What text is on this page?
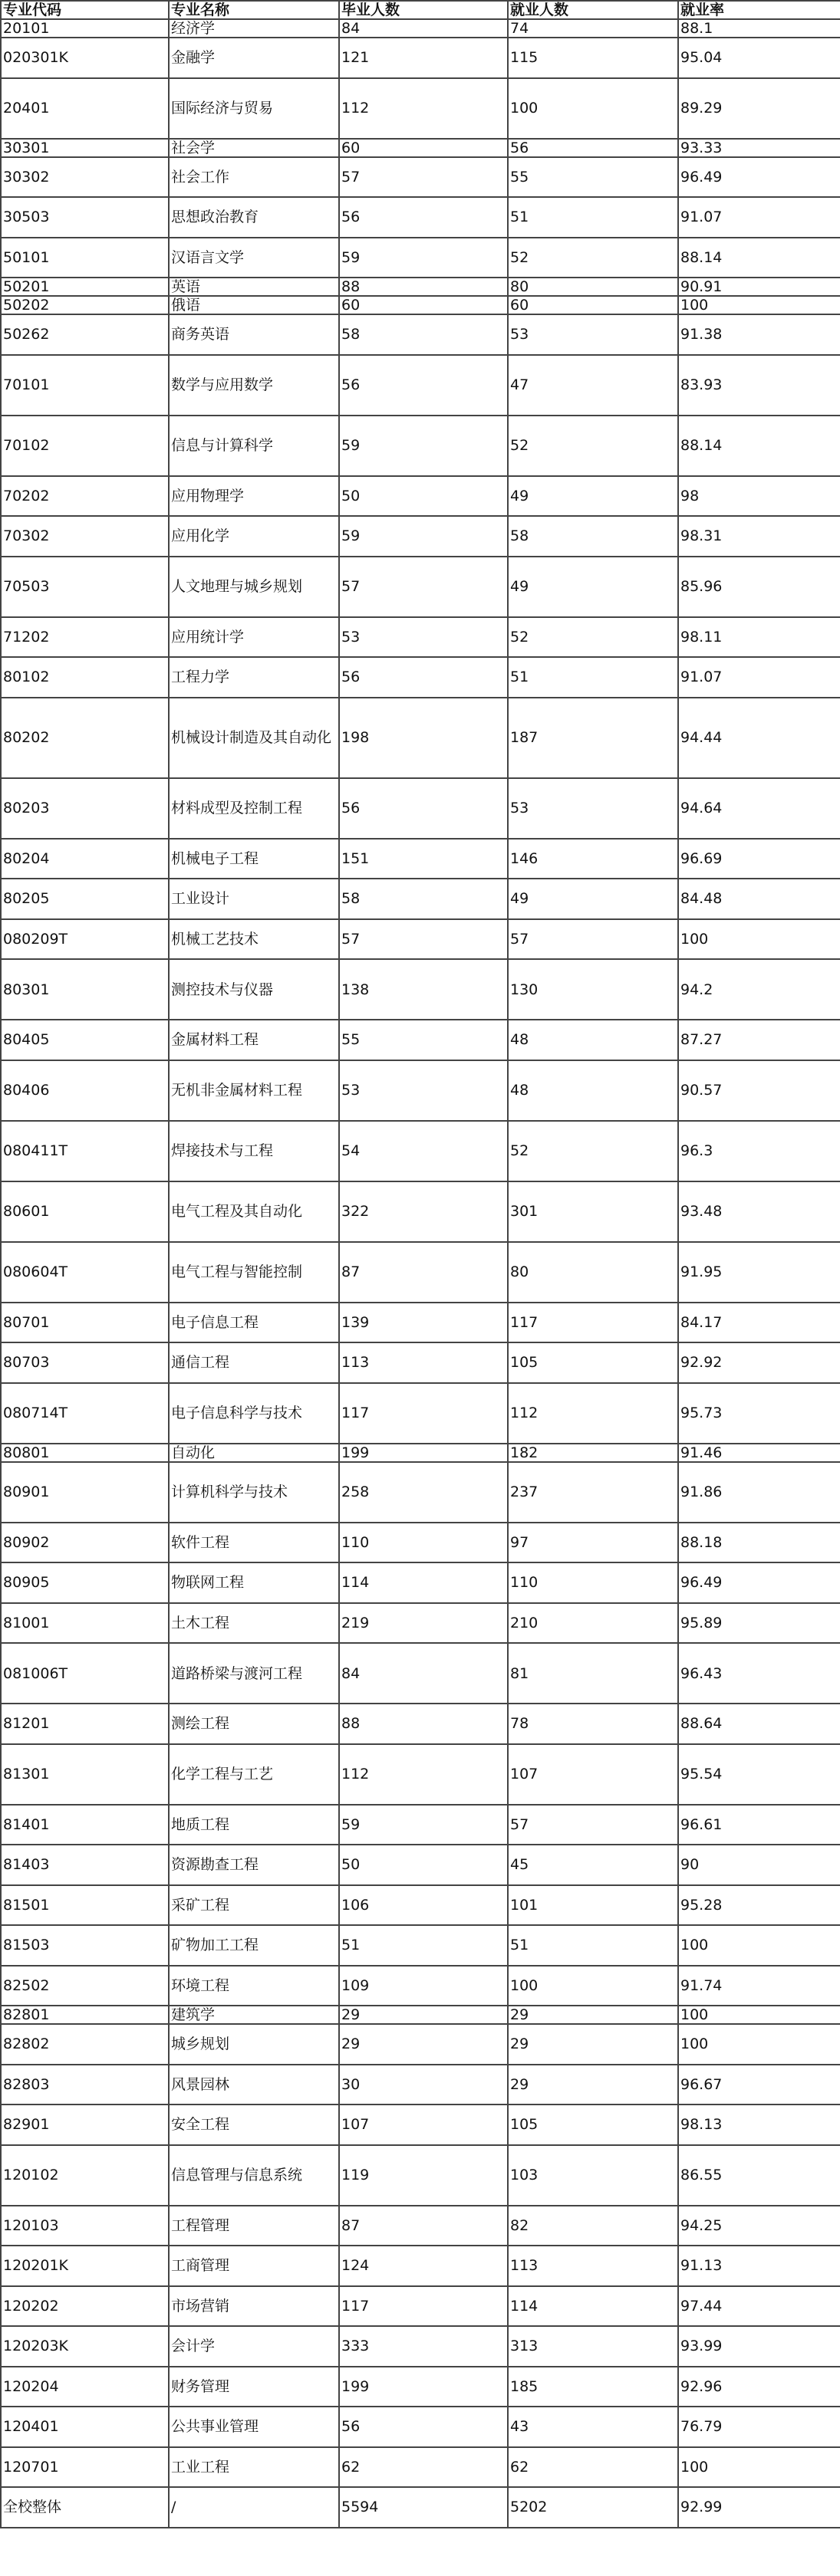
专业代码	专业名称	毕业人数	就业人数	就业率
20101	经济学	84	74	88.1
020301K	金融学	121	115	95.04
20401	国际经济与贸易	112	100	89.29
30301	社会学	60	56	93.33
30302	社会工作	57	55	96.49
30503	思想政治教育	56	51	91.07
50101	汉语言文学	59	52	88.14
50201	英语	88	80	90.91
50202	俄语	60	60	100
50262	商务英语	58	53	91.38
70101	数学与应用数学	56	47	83.93
70102	信息与计算科学	59	52	88.14
70202	应用物理学	50	49	98
70302	应用化学	59	58	98.31
70503	人文地理与城乡规划	57	49	85.96
71202	应用统计学	53	52	98.11
80102	工程力学	56	51	91.07
80202	机械设计制造及其自动化	198	187	94.44
80203	材料成型及控制工程	56	53	94.64
80204	机械电子工程	151	146	96.69
80205	工业设计	58	49	84.48
080209T	机械工艺技术	57	57	100
80301	测控技术与仪器	138	130	94.2
80405	金属材料工程	55	48	87.27
80406	无机非金属材料工程	53	48	90.57
080411T	焊接技术与工程	54	52	96.3
80601	电气工程及其自动化	322	301	93.48
080604T	电气工程与智能控制	87	80	91.95
80701	电子信息工程	139	117	84.17
80703	通信工程	113	105	92.92
080714T	电子信息科学与技术	117	112	95.73
80801	自动化	199	182	91.46
80901	计算机科学与技术	258	237	91.86
80902	软件工程	110	97	88.18
80905	物联网工程	114	110	96.49
81001	土木工程	219	210	95.89
081006T	道路桥梁与渡河工程	84	81	96.43
81201	测绘工程	88	78	88.64
81301	化学工程与工艺	112	107	95.54
81401	地质工程	59	57	96.61
81403	资源勘查工程	50	45	90
81501	采矿工程	106	101	95.28
81503	矿物加工工程	51	51	100
82502	环境工程	109	100	91.74
82801	建筑学	29	29	100
82802	城乡规划	29	29	100
82803	风景园林	30	29	96.67
82901	安全工程	107	105	98.13
120102	信息管理与信息系统	119	103	86.55
120103	工程管理	87	82	94.25
120201K	工商管理	124	113	91.13
120202	市场营销	117	114	97.44
120203K	会计学	333	313	93.99
120204	财务管理	199	185	92.96
120401	公共事业管理	56	43	76.79
120701	工业工程	62	62	100
全校整体	/	5594	5202	92.99
